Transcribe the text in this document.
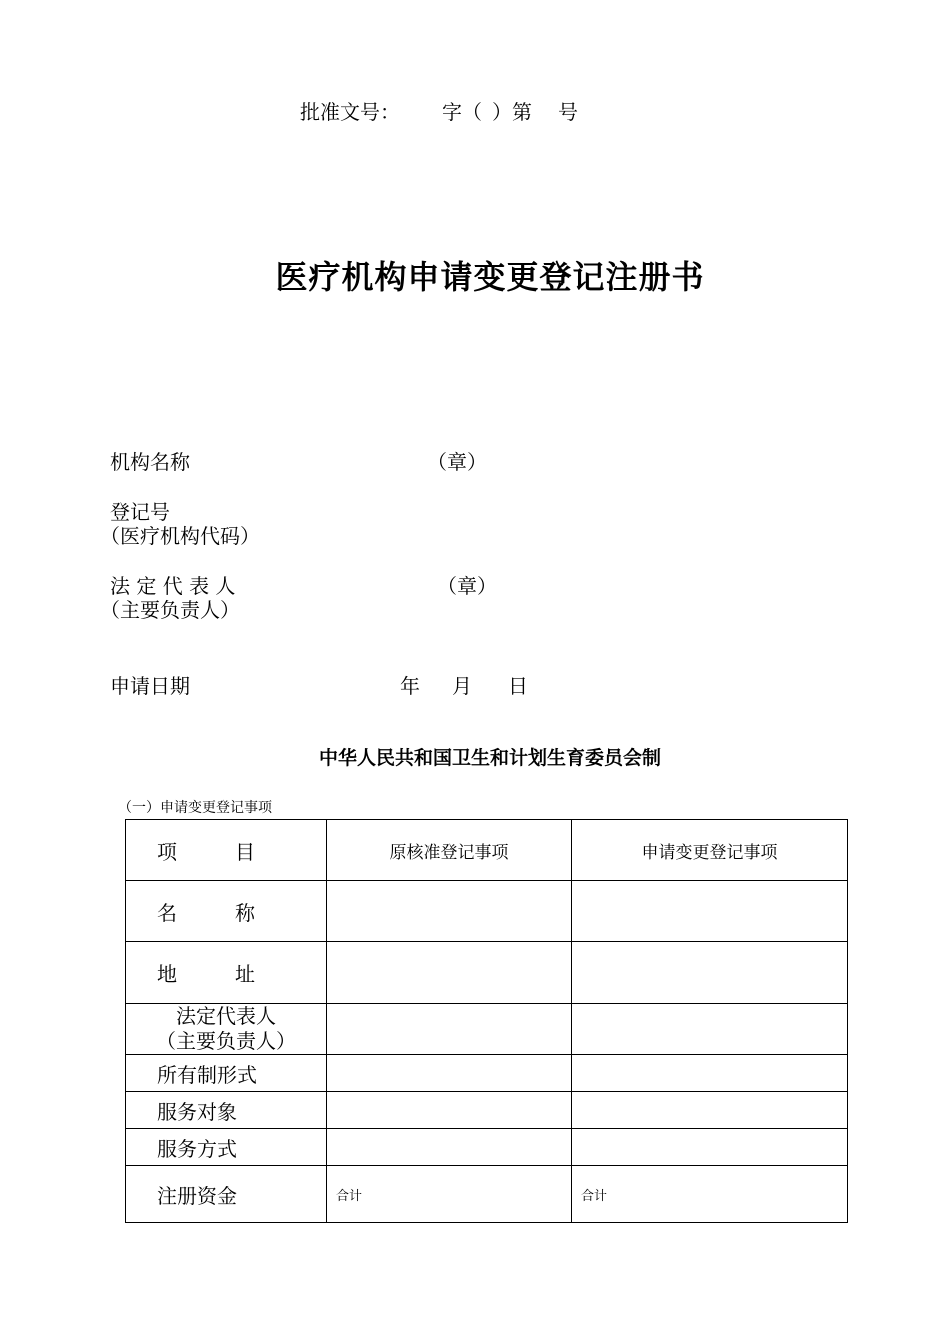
批准文号： 字（ ）第 号
医疗机构申请变更登记注册书
机构名称	（章）
登记号
（医疗机构代码）
法 定 代 表 人	（章）
（主要负责人）
申请日期	年 月 日
中华人民共和国卫生和计划生育委员会制
（一）申请变更登记事项
项 目	原核准登记事项	申请变更登记事项

名 称		

地 址		

法定代表人
（主要负责人）		

所有制形式		
服务对象		
服务方式		
注册资金	合计	合计
